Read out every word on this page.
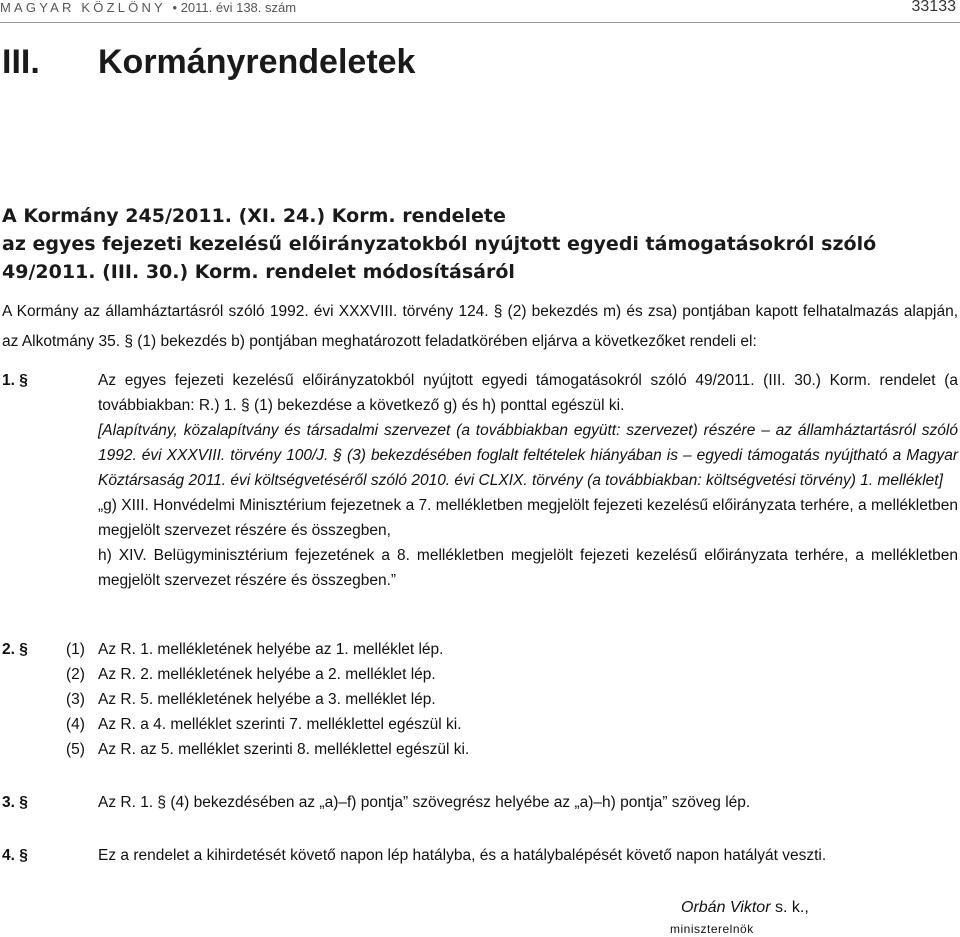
MAGYAR KÖZLÖNY • 2011. évi 138. szám	33133
III. Kormányrendeletek
A Kormány 245/2011. (XI. 24.) Korm. rendelete
az egyes fejezeti kezelésű előirányzatokból nyújtott egyedi támogatásokról szóló
49/2011. (III. 30.) Korm. rendelet módosításáról
A Kormány az államháztartásról szóló 1992. évi XXXVIII. törvény 124. § (2) bekezdés m) és zsa) pontjában kapott felhatalmazás alapján, az Alkotmány 35. § (1) bekezdés b) pontjában meghatározott feladatkörében eljárva a következőket rendeli el:
1. §	Az egyes fejezeti kezelésű előirányzatokból nyújtott egyedi támogatásokról szóló 49/2011. (III. 30.) Korm. rendelet (a továbbiakban: R.) 1. § (1) bekezdése a következő g) és h) ponttal egészül ki.
[Alapítvány, közalapítvány és társadalmi szervezet (a továbbiakban együtt: szervezet) részére – az államháztartásról szóló 1992. évi XXXVIII. törvény 100/J. § (3) bekezdésében foglalt feltételek hiányában is – egyedi támogatás nyújtható a Magyar Köztársaság 2011. évi költségvetéséről szóló 2010. évi CLXIX. törvény (a továbbiakban: költségvetési törvény) 1. melléklet]
„g) XIII. Honvédelmi Minisztérium fejezetnek a 7. mellékletben megjelölt fejezeti kezelésű előirányzata terhére, a mellékletben megjelölt szervezet részére és összegben,
h) XIV. Belügyminisztérium fejezetének a 8. mellékletben megjelölt fejezeti kezelésű előirányzata terhére, a mellékletben megjelölt szervezet részére és összegben.”
2. § (1) Az R. 1. mellékletének helyébe az 1. melléklet lép.
(2) Az R. 2. mellékletének helyébe a 2. melléklet lép.
(3) Az R. 5. mellékletének helyébe a 3. melléklet lép.
(4) Az R. a 4. melléklet szerinti 7. melléklettel egészül ki.
(5) Az R. az 5. melléklet szerinti 8. melléklettel egészül ki.
3. §	Az R. 1. § (4) bekezdésében az „a)–f) pontja” szövegrész helyébe az „a)–h) pontja” szöveg lép.
4. §	Ez a rendelet a kihirdetését követő napon lép hatályba, és a hatálybalépését követő napon hatályát veszti.
Orbán Viktor s. k.,
miniszterelnök
